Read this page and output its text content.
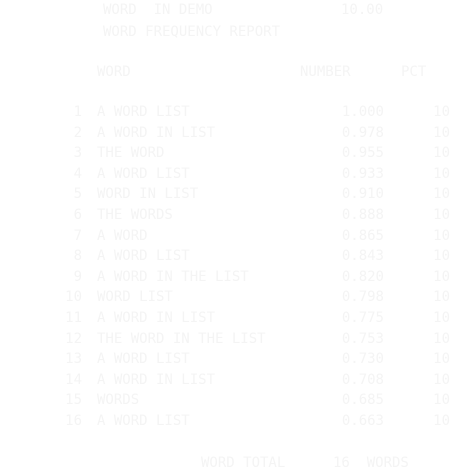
WORD  IN DEMO	10.00
WORD FREQUENCY REPORT
WORD	NUMBER	PCT
1 A WORD LIST	1.000	10
2 A WORD IN LIST	0.978	10
3 THE WORD	0.955	10
4 A WORD LIST	0.933	10
5 WORD IN LIST	0.910	10
6 THE WORDS	0.888	10
7 A WORD	0.865	10
8 A WORD LIST	0.843	10
9 A WORD IN THE LIST	0.820	10
10 WORD LIST	0.798	10
11 A WORD IN LIST	0.775	10
12 THE WORD IN THE LIST	0.753	10
13 A WORD LIST	0.730	10
14 A WORD IN LIST	0.708	10
15 WORDS	0.685	10
16 A WORD LIST	0.663	10
WORD TOTAL	16  WORDS
